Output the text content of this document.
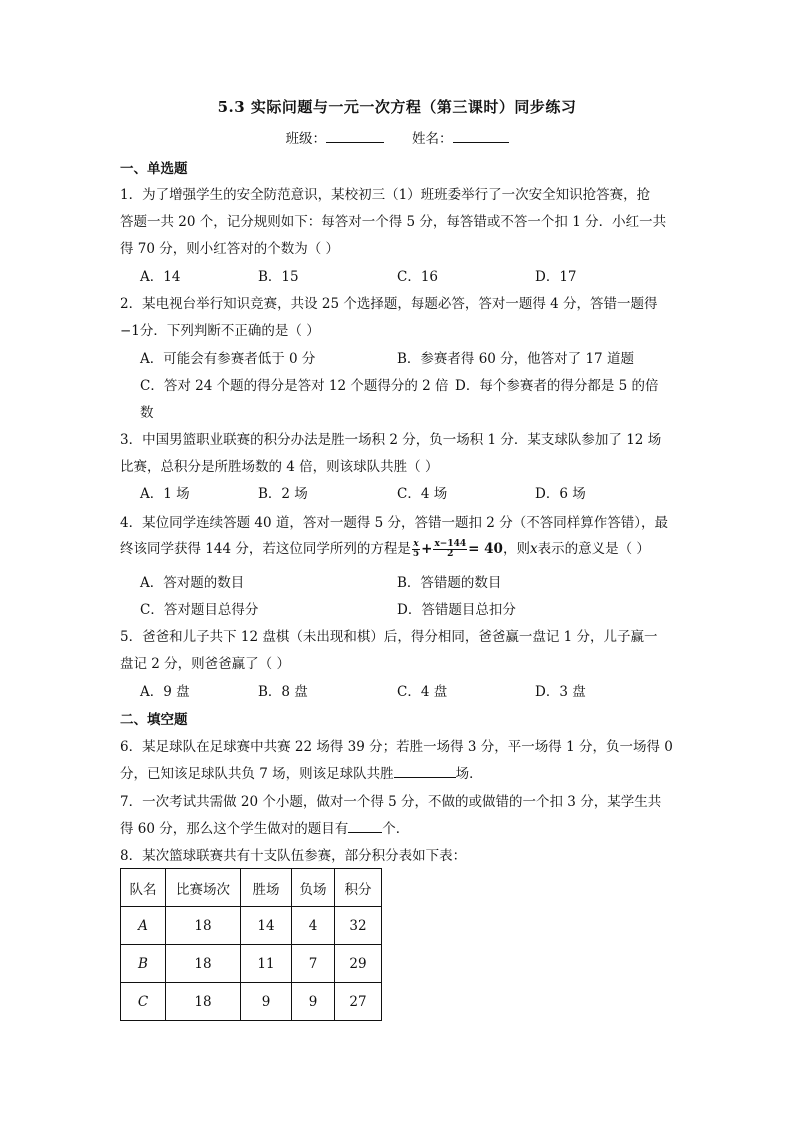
5.3 实际问题与一元一次方程（第三课时）同步练习
班级：	姓名：
一、单选题
1．为了增强学生的安全防范意识，某校初三（1）班班委举行了一次安全知识抢答赛，抢
答题一共 20 个，记分规则如下：每答对一个得 5 分，每答错或不答一个扣 1 分．小红一共
得 70 分，则小红答对的个数为（ ）
A．14	B．15	C．16	D．17
2．某电视台举行知识竞赛，共设 25 个选择题，每题必答，答对一题得 4 分，答错一题得
−1分．下列判断不正确的是（ ）
A．可能会有参赛者低于 0 分	B．参赛者得 60 分，他答对了 17 道题
C．答对 24 个题的得分是答对 12 个题得分的 2 倍 D．每个参赛者的得分都是 5 的倍
数
3．中国男篮职业联赛的积分办法是胜一场积 2 分，负一场积 1 分．某支球队参加了 12 场
比赛，总积分是所胜场数的 4 倍，则该球队共胜（ ）
A．1 场	B．2 场	C．4 场	D．6 场
4．某位同学连续答题 40 道，答对一题得 5 分，答错一题扣 2 分（不答同样算作答错），最
终该同学获得 144 分，若这位同学所列的方程是 $\frac{x}{5} + \frac{x-144}{2} = 40$，则x表示的意义是（ ）
A．答对题的数目	B．答错题的数目
C．答对题目总得分	D．答错题目总扣分
5．爸爸和儿子共下 12 盘棋（未出现和棋）后，得分相同，爸爸赢一盘记 1 分，儿子赢一
盘记 2 分，则爸爸赢了（ ）
A．9 盘	B．8 盘	C．4 盘	D．3 盘
二、填空题
6．某足球队在足球赛中共赛 22 场得 39 分；若胜一场得 3 分，平一场得 1 分，负一场得 0
分，已知该足球队共负 7 场，则该足球队共胜	场．
7．一次考试共需做 20 个小题，做对一个得 5 分，不做的或做错的一个扣 3 分，某学生共
得 60 分，那么这个学生做对的题目有	个．
8．某次篮球联赛共有十支队伍参赛，部分积分表如下表：
队名	比赛场次	胜场	负场	积分
A	18	14	4	32
B	18	11	7	29
C	18	9	9	27
